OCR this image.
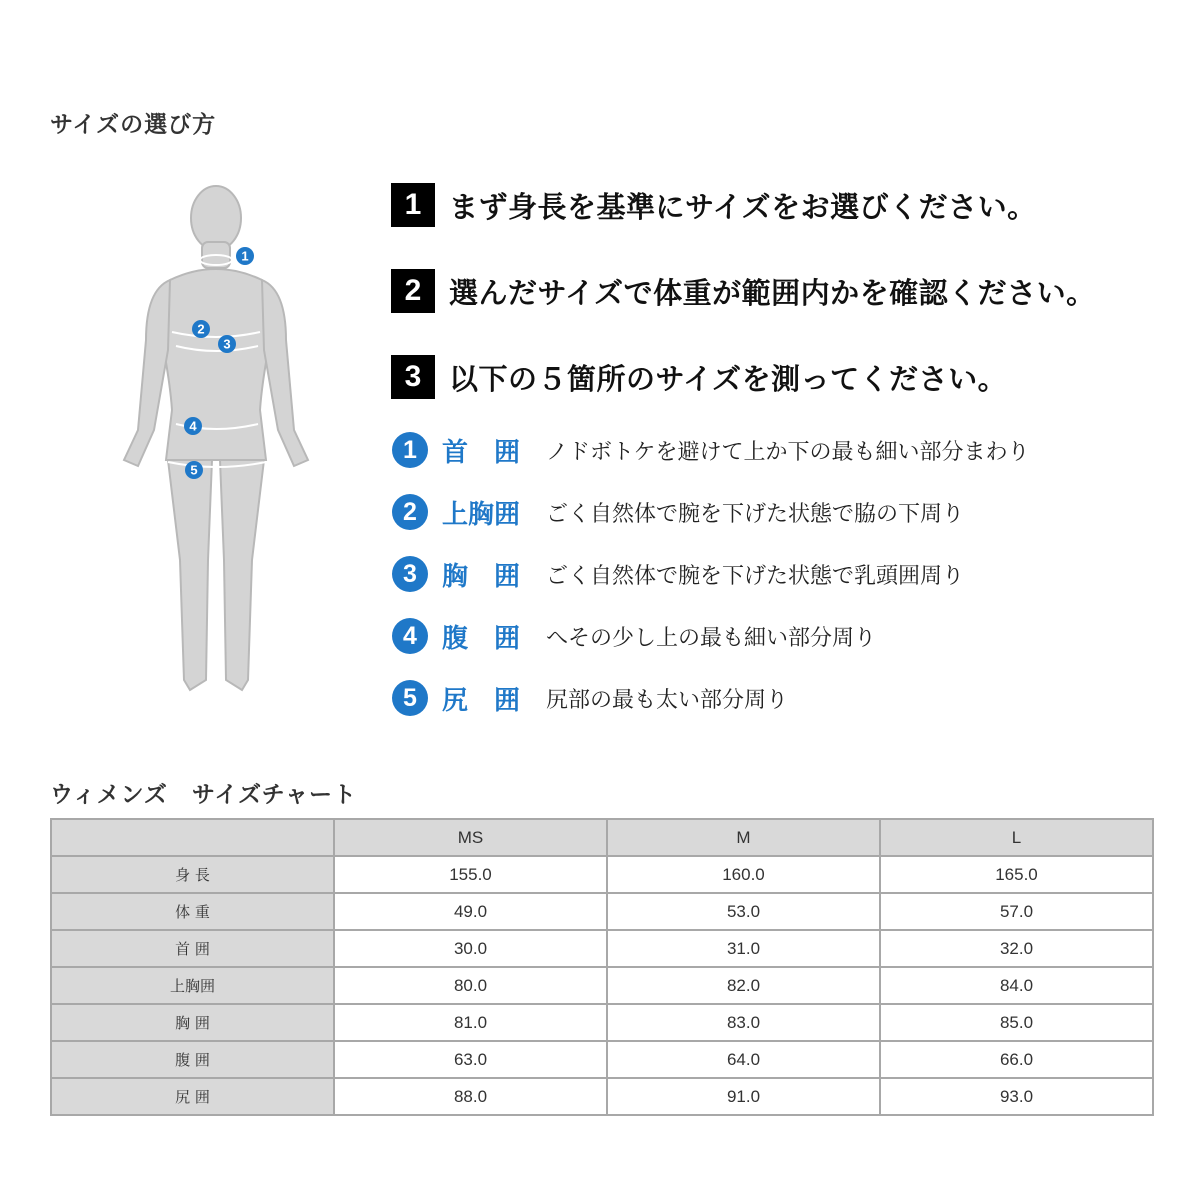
サイズの選び方
1
2
3
4
5
1 まず身長を基準にサイズをお選びください。
2 選んだサイズで体重が範囲内かを確認ください。
3 以下の５箇所のサイズを測ってください。
1 首　囲 ノドボトケを避けて上か下の最も細い部分まわり
2 上胸囲 ごく自然体で腕を下げた状態で脇の下周り
3 胸　囲 ごく自然体で腕を下げた状態で乳頭囲周り
4 腹　囲 へその少し上の最も細い部分周り
5 尻　囲 尻部の最も太い部分周り
ウィメンズ　サイズチャート
	MS	M	L
身 長	155.0	160.0	165.0
体 重	49.0	53.0	57.0
首 囲	30.0	31.0	32.0
上胸囲	80.0	82.0	84.0
胸 囲	81.0	83.0	85.0
腹 囲	63.0	64.0	66.0
尻 囲	88.0	91.0	93.0
